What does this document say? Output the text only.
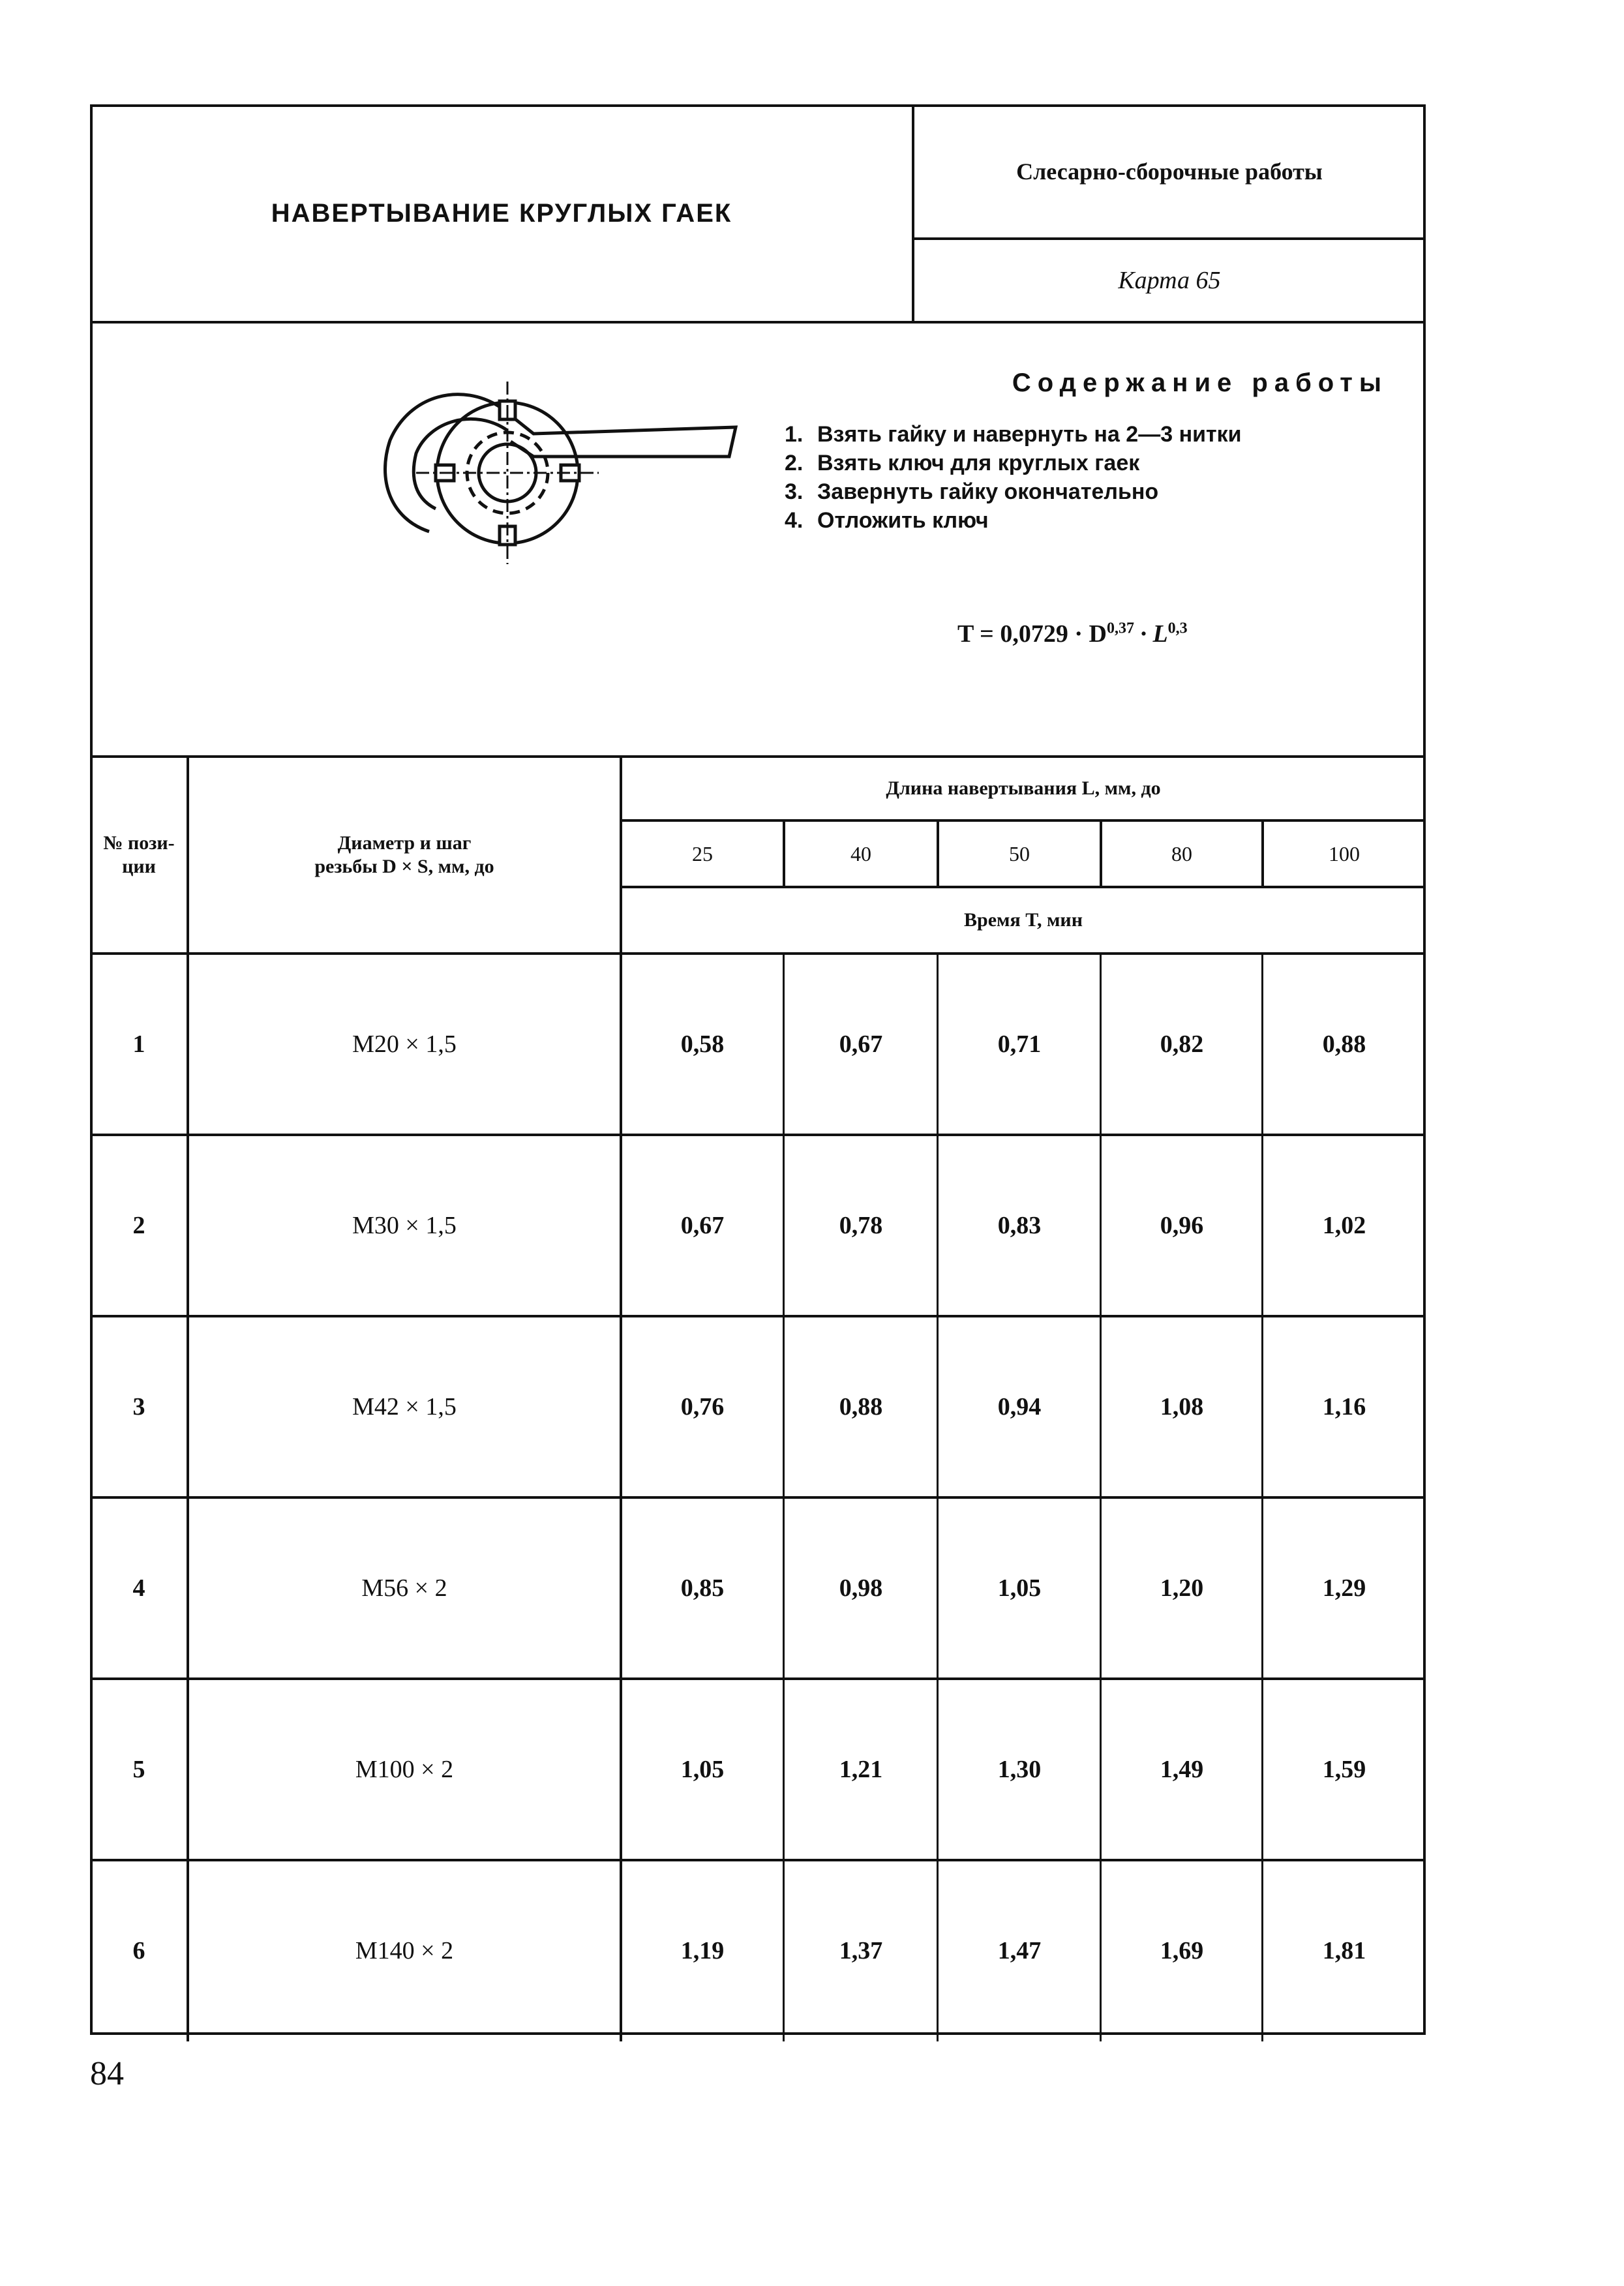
НАВЕРТЫВАНИЕ КРУГЛЫХ ГАЕК
Слесарно-сборочные работы
Карта 65
Содержание работы
1. Взять гайку и навернуть на 2—3 нитки
2. Взять ключ для круглых гаек
3. Завернуть гайку окончательно
4. Отложить ключ
T = 0,0729 · D$^{0,37}$ · L$^{0,3}$
№ пози- ции
Диаметр и шаг резьбы D × S, мм, до
Длина навертывания L, мм, до
25	40	50	80	100
Время T, мин
1	M20 × 1,5	0,58	0,67	0,71	0,82	0,88
2	M30 × 1,5	0,67	0,78	0,83	0,96	1,02
3	M42 × 1,5	0,76	0,88	0,94	1,08	1,16
4	M56 × 2	0,85	0,98	1,05	1,20	1,29
5	M100 × 2	1,05	1,21	1,30	1,49	1,59
6	M140 × 2	1,19	1,37	1,47	1,69	1,81
84
